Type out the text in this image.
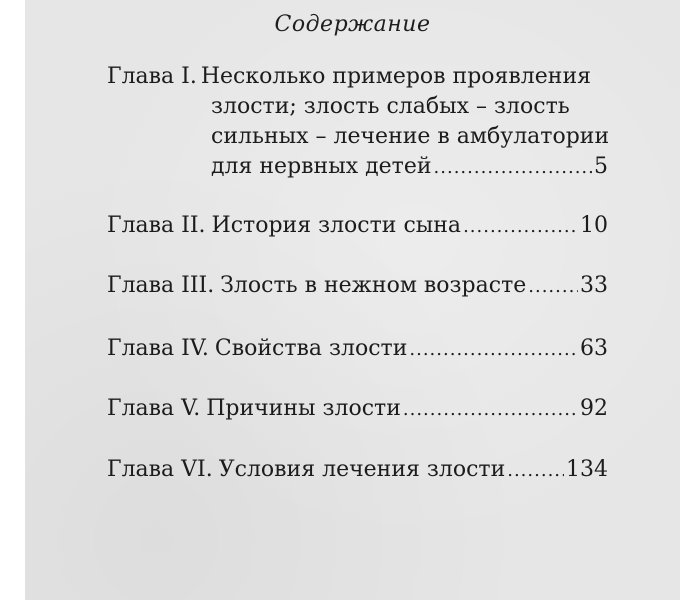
Содержание
Глава I. Несколько примеров проявления
злости; злость слабых – злость
сильных – лечение в амбулатории
для нервных детей .....	5
Глава II. История злости сына .....	10
Глава III. Злость в нежном возрасте ..... 33
Глава IV. Свойства злости .....	63
Глава V. Причины злости .....	92
Глава VI. Условия лечения злости .....	134
